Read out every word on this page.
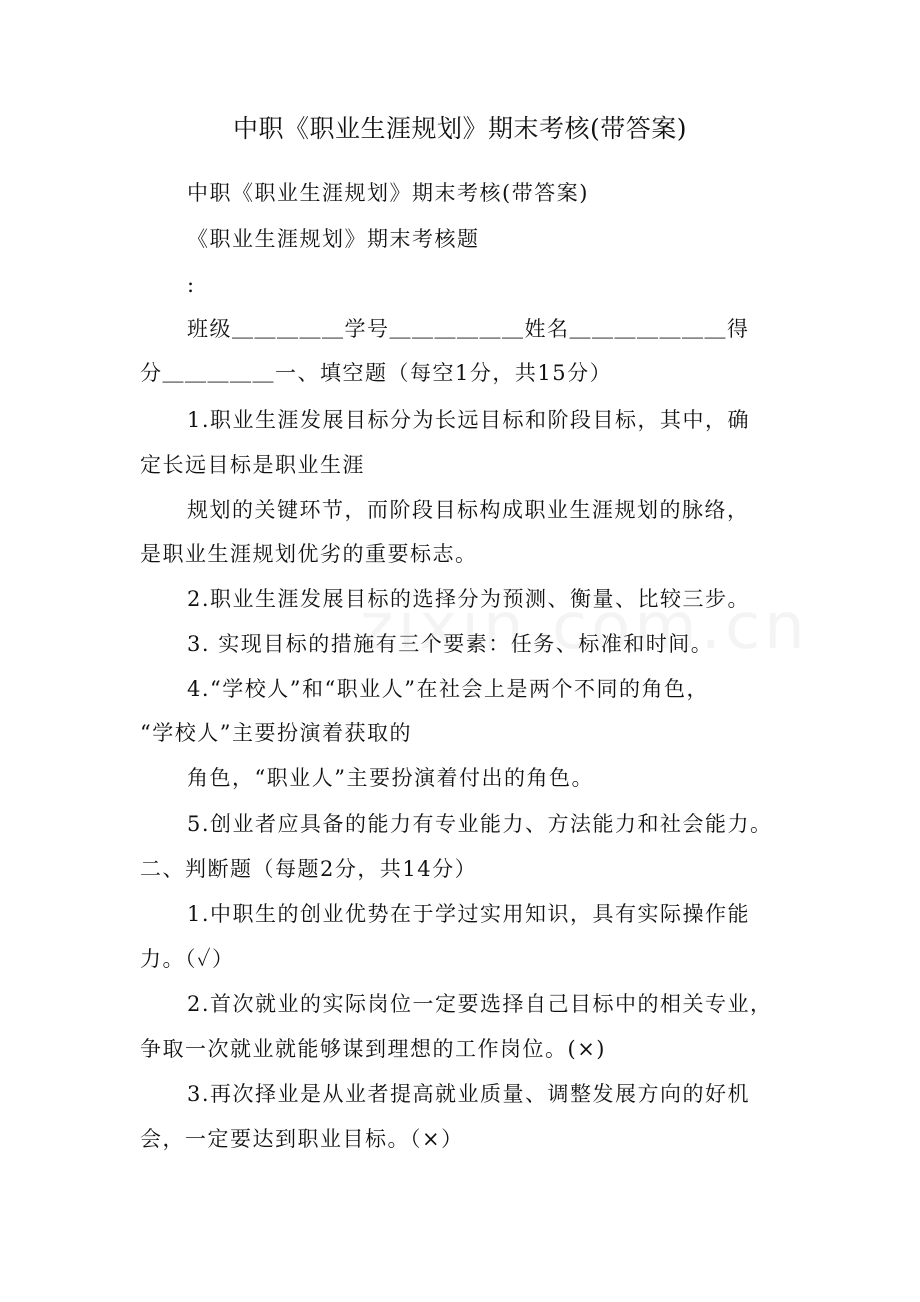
中职《职业生涯规划》期末考核(带答案)
中职《职业生涯规划》期末考核(带答案)
《职业生涯规划》期末考核题
:
班级＿＿＿＿＿学号＿＿＿＿＿＿姓名＿＿＿＿＿＿＿得
分＿＿＿＿＿一、填空题（每空1分，共15分）
1.职业生涯发展目标分为长远目标和阶段目标，其中，确
定长远目标是职业生涯
规划的关键环节，而阶段目标构成职业生涯规划的脉络，
是职业生涯规划优劣的重要标志。
2.职业生涯发展目标的选择分为预测、衡量、比较三步。
3. 实现目标的措施有三个要素：任务、标准和时间。
4.“学校人”和“职业人”在社会上是两个不同的角色，
“学校人”主要扮演着获取的
角色，“职业人”主要扮演着付出的角色。
5.创业者应具备的能力有专业能力、方法能力和社会能力。
二、判断题（每题2分，共14分）
1.中职生的创业优势在于学过实用知识，具有实际操作能
力。（✓）
2.首次就业的实际岗位一定要选择自己目标中的相关专业，
争取一次就业就能够谋到理想的工作岗位。(×)
3.再次择业是从业者提高就业质量、调整发展方向的好机
会，一定要达到职业目标。（×）
